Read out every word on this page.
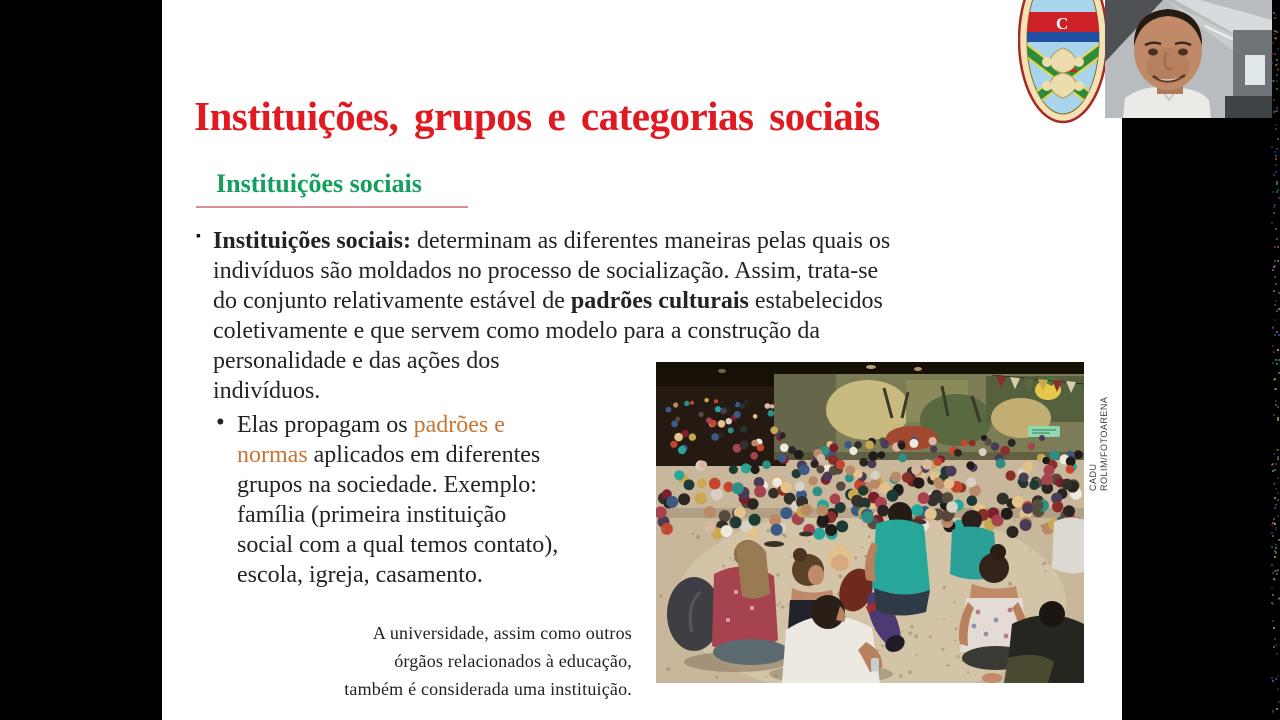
Instituições, grupos e categorias sociais
Instituições sociais
▪ Instituições sociais: determinam as diferentes maneiras pelas quais os
indivíduos são moldados no processo de socialização. Assim, trata-se
do conjunto relativamente estável de padrões culturais estabelecidos
coletivamente e que servem como modelo para a construção da
personalidade e das ações dos
indivíduos.
• Elas propagam os padrões e
normas aplicados em diferentes
grupos na sociedade. Exemplo:
família (primeira instituição
social com a qual temos contato),
escola, igreja, casamento.
A universidade, assim como outros
órgãos relacionados à educação,
também é considerada uma instituição.
CADU ROLIM/FOTOARENA
C
